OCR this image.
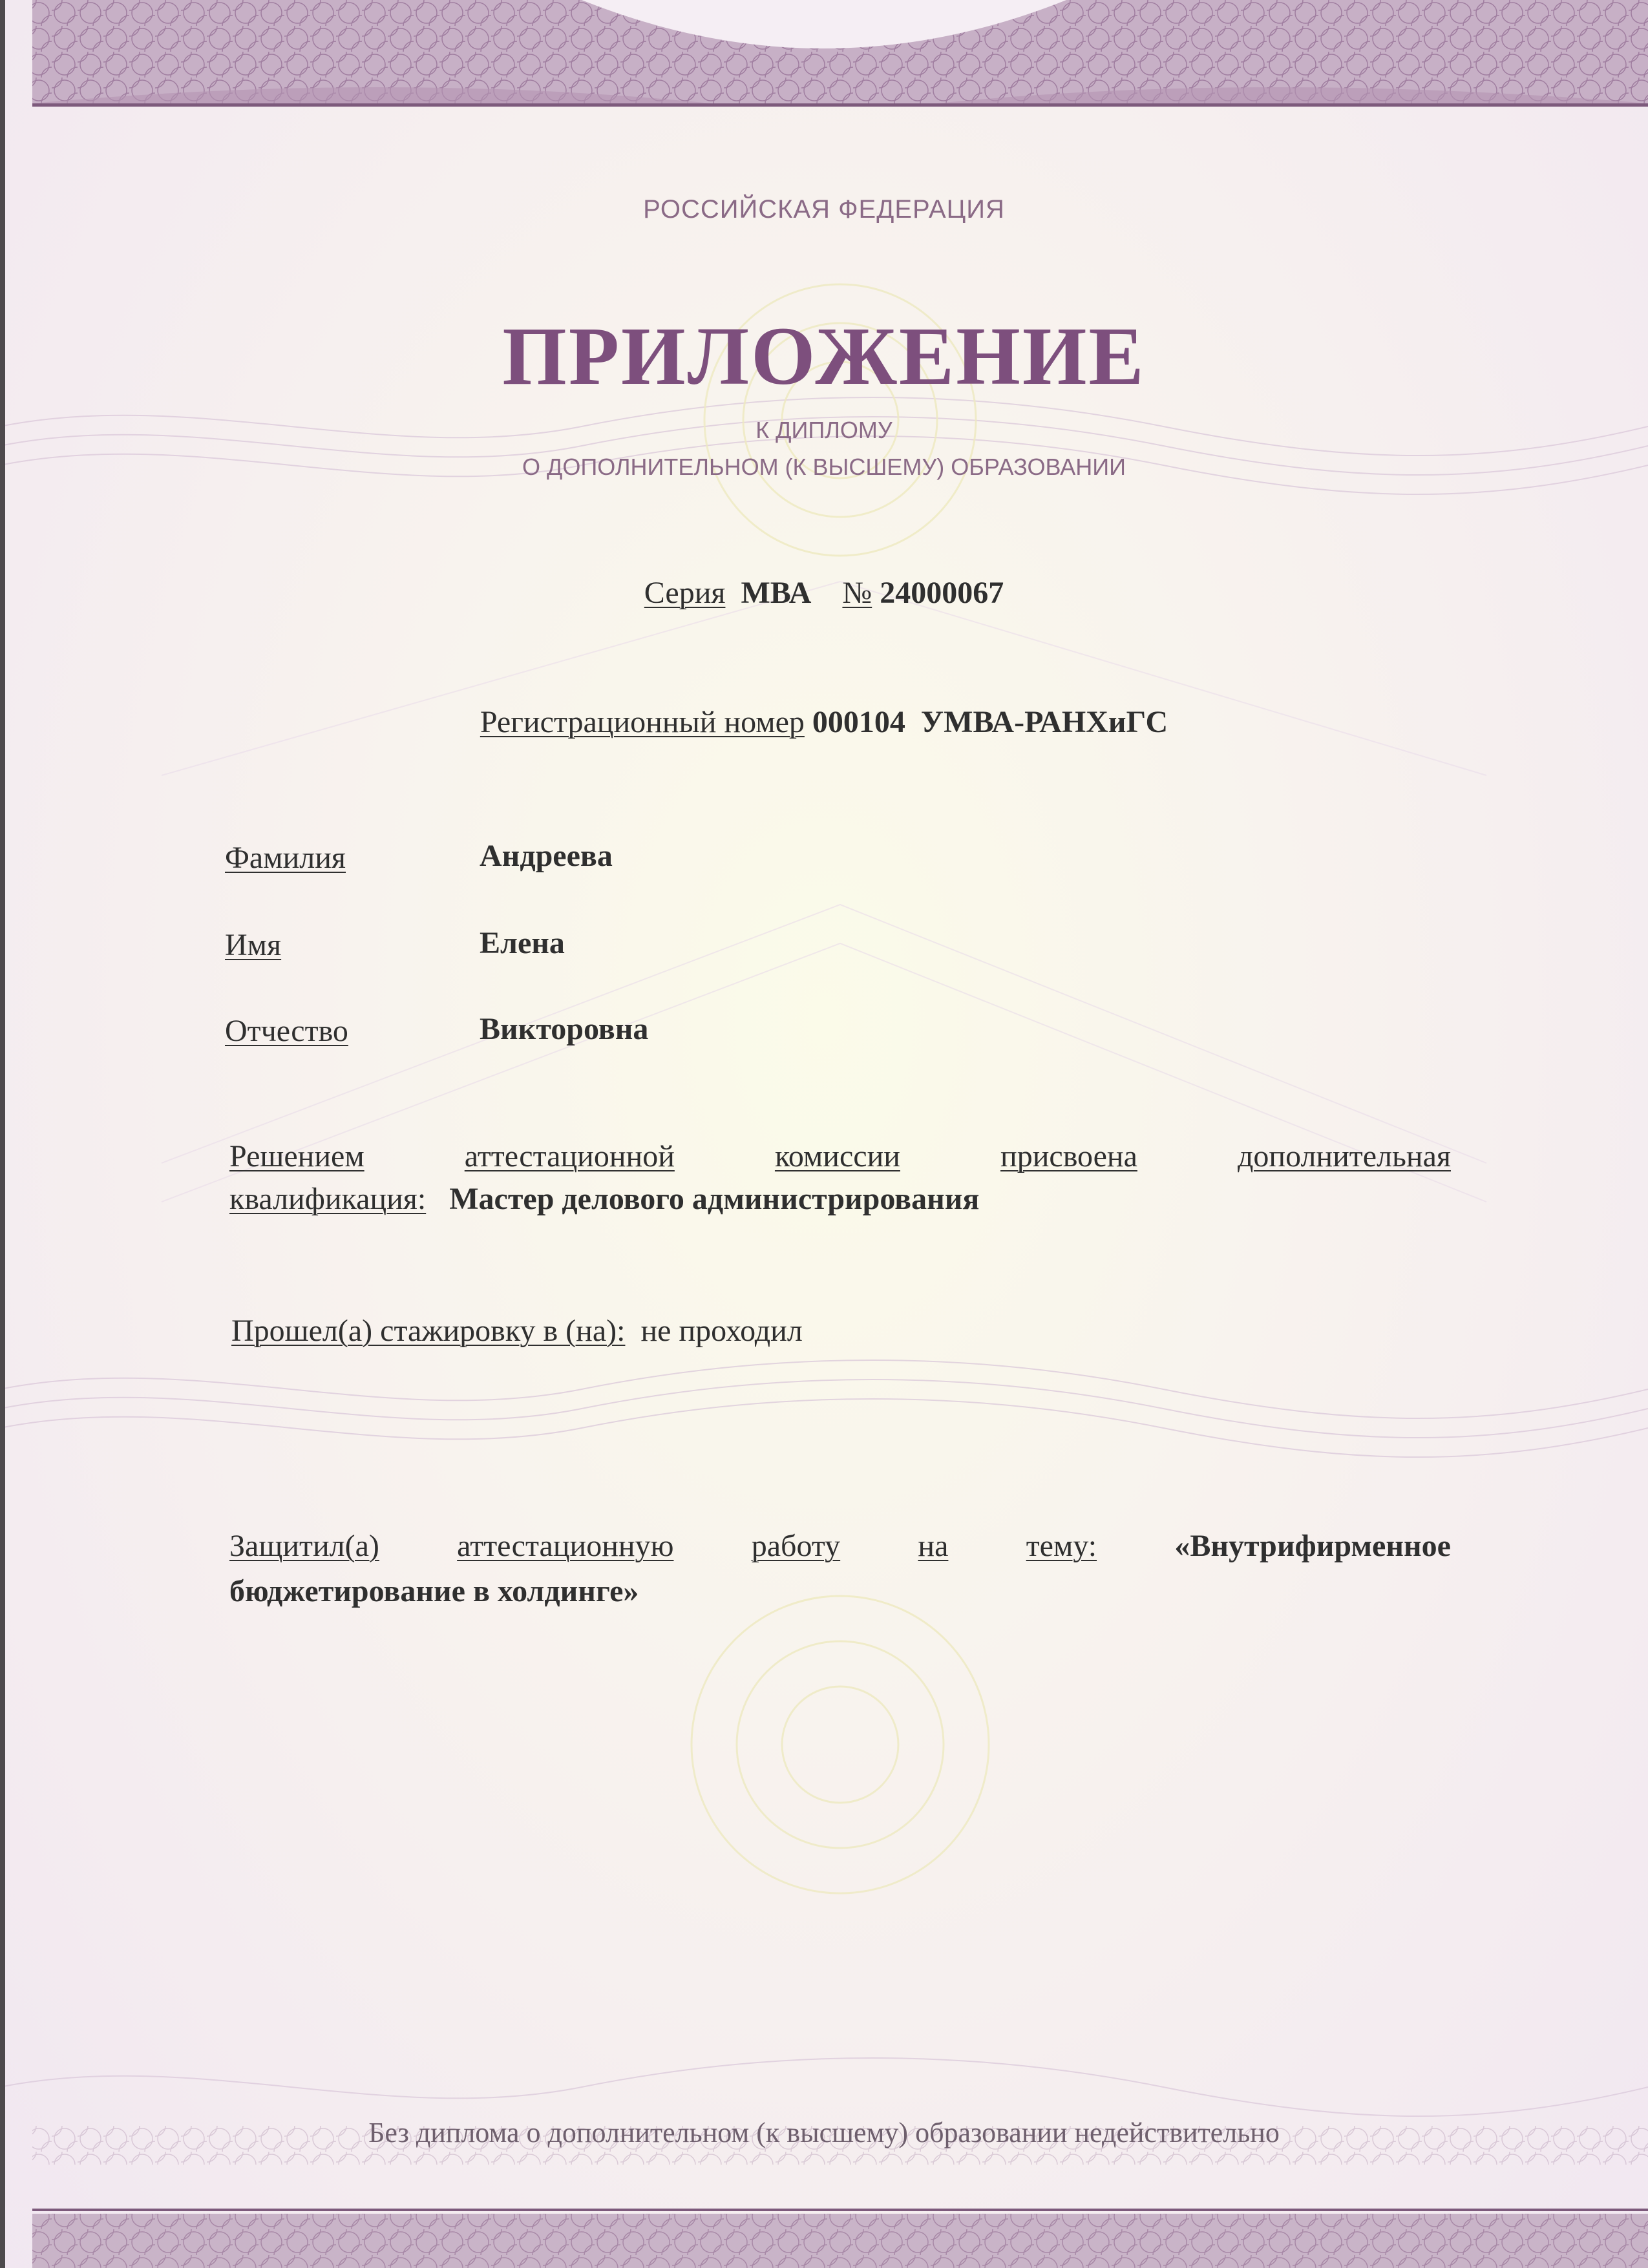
РОССИЙСКАЯ ФЕДЕРАЦИЯ
ПРИЛОЖЕНИЕ
К ДИПЛОМУ
О ДОПОЛНИТЕЛЬНОМ (К ВЫСШЕМУ) ОБРАЗОВАНИИ
Серия МВА № 24000067
Регистрационный номер 000104 УМВА-РАНХиГС
Фамилия	Андреева
Имя	Елена
Отчество	Викторовна
Решением	аттестационной	комиссии	присвоена	дополнительная
квалификация: Мастер делового администрирования
Прошел(а) стажировку в (на): не проходил
Защитил(а)	аттестационную	работу	на	тему:	«Внутрифирменное
бюджетирование в холдинге»
Без диплома о дополнительном (к высшему) образовании недействительно
